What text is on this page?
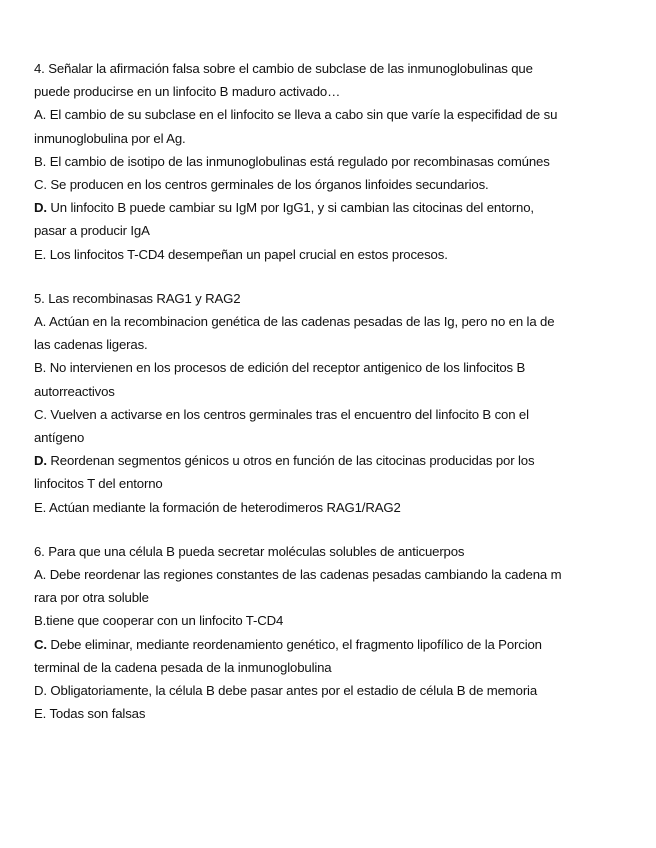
4. Señalar la afirmación falsa sobre el cambio de subclase de las inmunoglobulinas que
puede producirse en un linfocito B maduro activado…
A. El cambio de su subclase en el linfocito se lleva a cabo sin que varíe la especifidad de su
inmunoglobulina por el Ag.
B. El cambio de isotipo de las inmunoglobulinas está regulado por recombinasas comúnes
C. Se producen en los centros germinales de los órganos linfoides secundarios.
D. Un linfocito B puede cambiar su IgM por IgG1, y si cambian las citocinas del entorno,
pasar a producir IgA
E. Los linfocitos T-CD4 desempeñan un papel crucial en estos procesos.
5. Las recombinasas RAG1 y RAG2
A. Actúan en la recombinacion genética de las cadenas pesadas de las Ig, pero no en la de
las cadenas ligeras.
B. No intervienen en los procesos de edición del receptor antigenico de los linfocitos B
autorreactivos
C. Vuelven a activarse en los centros germinales tras el encuentro del linfocito B con el
antígeno
D. Reordenan segmentos génicos u otros en función de las citocinas producidas por los
linfocitos T del entorno
E. Actúan mediante la formación de heterodimeros RAG1/RAG2
6. Para que una célula B pueda secretar moléculas solubles de anticuerpos
A. Debe reordenar las regiones constantes de las cadenas pesadas cambiando la cadena m
rara por otra soluble
B.tiene que cooperar con un linfocito T-CD4
C. Debe eliminar, mediante reordenamiento genético, el fragmento lipofílico de la Porcion
terminal de la cadena pesada de la inmunoglobulina
D. Obligatoriamente, la célula B debe pasar antes por el estadio de célula B de memoria
E. Todas son falsas
